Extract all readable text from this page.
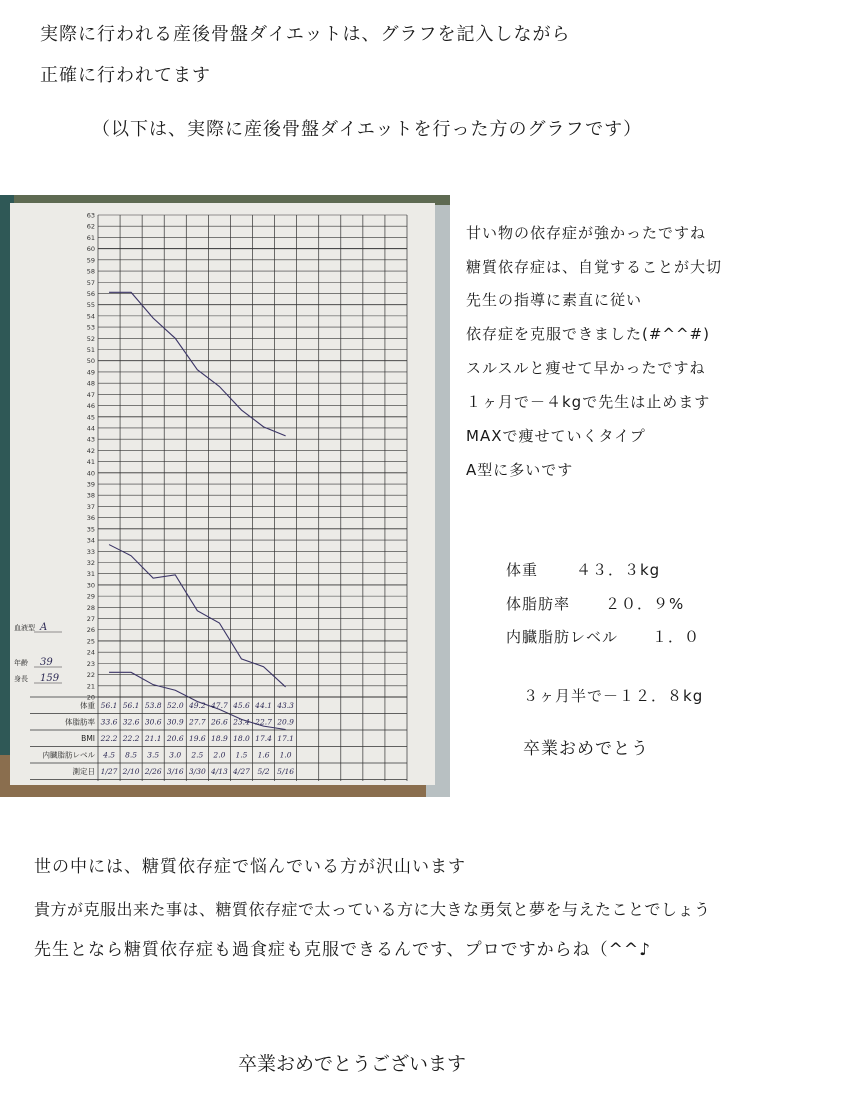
実際に行われる産後骨盤ダイエットは、グラフを記入しながら
正確に行われてます
（以下は、実際に産後骨盤ダイエットを行った方のグラフです）
20
21
22
23
24
25
26
27
28
29
30
31
32
33
34
35
36
37
38
39
40
41
42
43
44
45
46
47
48
49
50
51
52
53
54
55
56
57
58
59
60
61
62
63
体重 56.1 56.1 53.8 52.0 49.2 47.7 45.6 44.1 43.3
体脂肪率 33.6 32.6 30.6 30.9 27.7 26.6 23.4 22.7 20.9
BMI 22.2 22.2 21.1 20.6 19.6 18.9 18.0 17.4 17.1
内臓脂肪レベル 4.5 8.5 3.5 3.0 2.5 2.0 1.5 1.6 1.0
測定日 1/27 2/10 2/26 3/16 3/30 4/13 4/27 5/2 5/16
血液型 A
年齢 39
身長 159
甘い物の依存症が強かったですね
糖質依存症は、自覚することが大切
先生の指導に素直に従い
依存症を克服できました(#^^#)
スルスルと痩せて早かったですね
１ヶ月で－４kgで先生は止めます
MAXで痩せていくタイプ
A型に多いです
体重	４３．３kg
体脂肪率 ２０．９%
内臓脂肪レベル １．０
３ヶ月半で－１２．８kg
卒業おめでとう
世の中には、糖質依存症で悩んでいる方が沢山います
貴方が克服出来た事は、糖質依存症で太っている方に大きな勇気と夢を与えたことでしょう
先生となら糖質依存症も過食症も克服できるんです、プロですからね（^^♪
卒業おめでとうございます
